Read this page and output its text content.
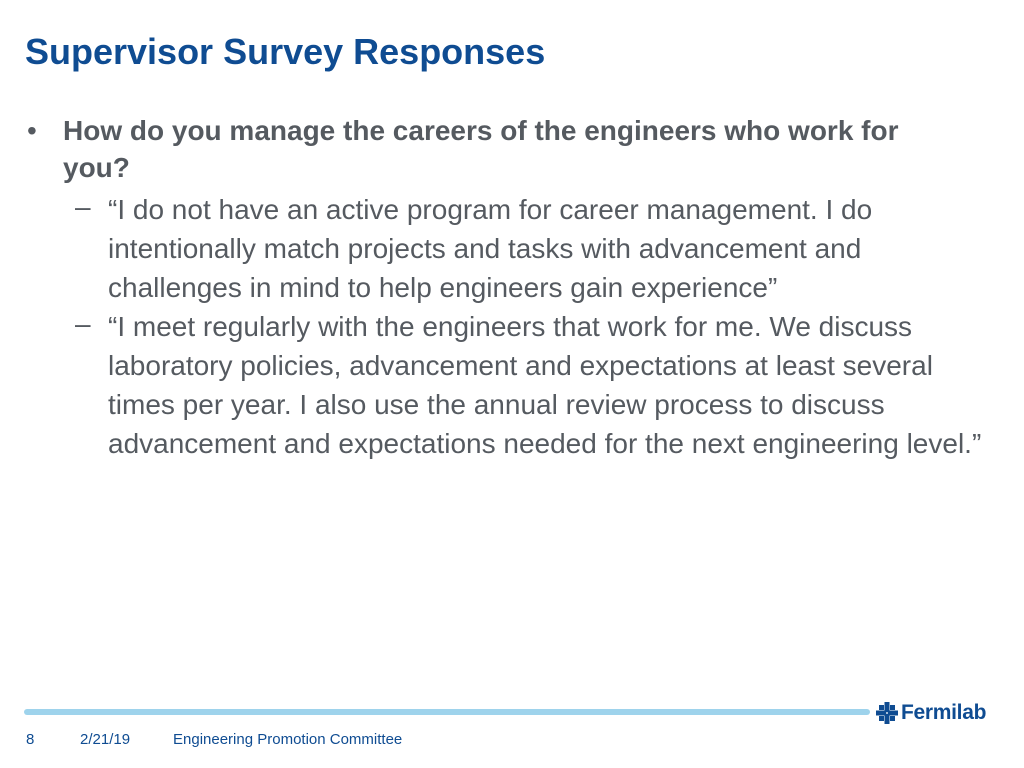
Supervisor Survey Responses
• How do you manage the careers of the engineers who work for you?
– “I do not have an active program for career management. I do intentionally match projects and tasks with advancement and challenges in mind to help engineers gain experience”
– “I meet regularly with the engineers that work for me. We discuss laboratory policies, advancement and expectations at least several times per year. I also use the annual review process to discuss advancement and expectations needed for the next engineering level.”
Fermilab
8	2/21/19	Engineering Promotion Committee
